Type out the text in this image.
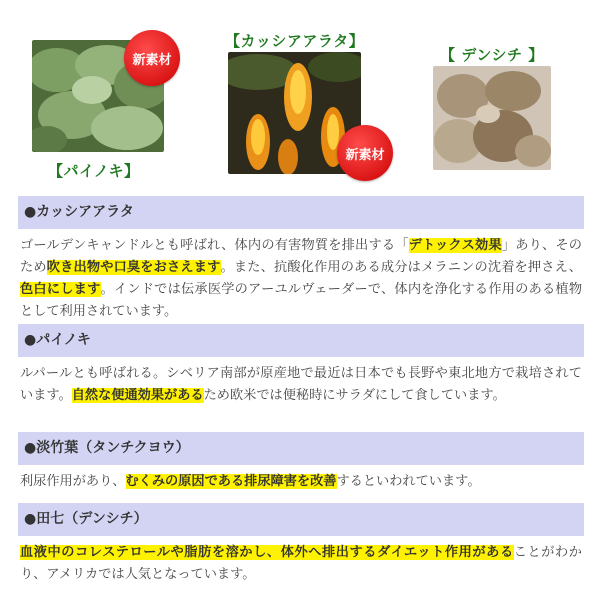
新素材
【パイノキ】
【カッシアアラタ】
新素材
【 デンシチ 】
●カッシアアラタ
ゴールデンキャンドルとも呼ばれ、体内の有害物質を排出する「デトックス効果」あり、そのため吹き出物や口臭をおさえます。また、抗酸化作用のある成分はメラニンの沈着を押さえ、色白にします。インドでは伝承医学のアーユルヴェーダーで、体内を浄化する作用のある植物として利用されています。
●パイノキ
ルパールとも呼ばれる。シベリア南部が原産地で最近は日本でも長野や東北地方で栽培されています。自然な便通効果があるため欧米では便秘時にサラダにして食しています。
●淡竹葉（タンチクヨウ）
利尿作用があり、むくみの原因である排尿障害を改善するといわれています。
●田七（デンシチ）
血液中のコレステロールや脂肪を溶かし、体外へ排出するダイエット作用があることがわかり、アメリカでは人気となっています。
